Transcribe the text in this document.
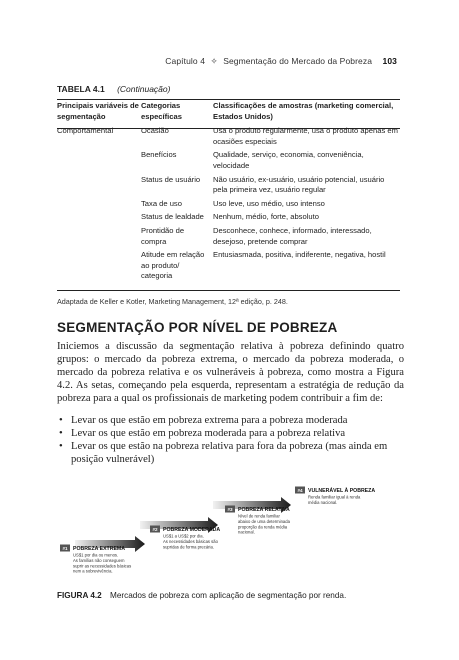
Capítulo 4 ✧ Segmentação do Mercado da Pobreza 103
TABELA 4.1 (Continuação)
Principais variáveis de segmentação	Categorias específicas	Classificações de amostras (marketing comercial, Estados Unidos)

Comportamental	Ocasião	Usa o produto regularmente, usa o produto apenas em ocasiões especiais
	Benefícios	Qualidade, serviço, economia, conveniência, velocidade
	Status de usuário	Não usuário, ex-usuário, usuário potencial, usuário pela primeira vez, usuário regular
	Taxa de uso	Uso leve, uso médio, uso intenso
	Status de lealdade	Nenhum, médio, forte, absoluto
	Prontidão de compra	Desconhece, conhece, informado, interessado, desejoso, pretende comprar
	Atitude em relação ao produto/ categoria	Entusiasmada, positiva, indiferente, negativa, hostil
Adaptada de Keller e Kotler, Marketing Management, 12ª edição, p. 248.
SEGMENTAÇÃO POR NÍVEL DE POBREZA
Iniciemos a discussão da segmentação relativa à pobreza definindo quatro grupos: o mercado da pobreza extrema, o mercado da pobreza moderada, o mercado da pobreza relativa e os vulneráveis à pobreza, como mostra a Figura 4.2. As setas, começando pela esquerda, representam a estratégia de redução da pobreza para a qual os profissionais de marketing podem contribuir a fim de:
• Levar os que estão em pobreza extrema para a pobreza moderada
• Levar os que estão em pobreza moderada para a pobreza relativa
• Levar os que estão na pobreza relativa para fora da pobreza (mas ainda em posição vulnerável)
#1 POBREZA EXTREMA
US$1 por dia ou menos.
As famílias não conseguem
suprir as necessidades básicas
nem a sobrevivência.
#2 POBREZA MODERADA
US$1 a US$2 por dia.
As necessidades básicas são
supridas de forma precária.
#3 POBREZA RELATIVA
Nível de renda familiar
abaixo de uma determinada
proporção da renda média
nacional.
#4 VULNERÁVEL À POBREZA
Renda familiar igual à renda
média nacional.
FIGURA 4.2 Mercados de pobreza com aplicação de segmentação por renda.
